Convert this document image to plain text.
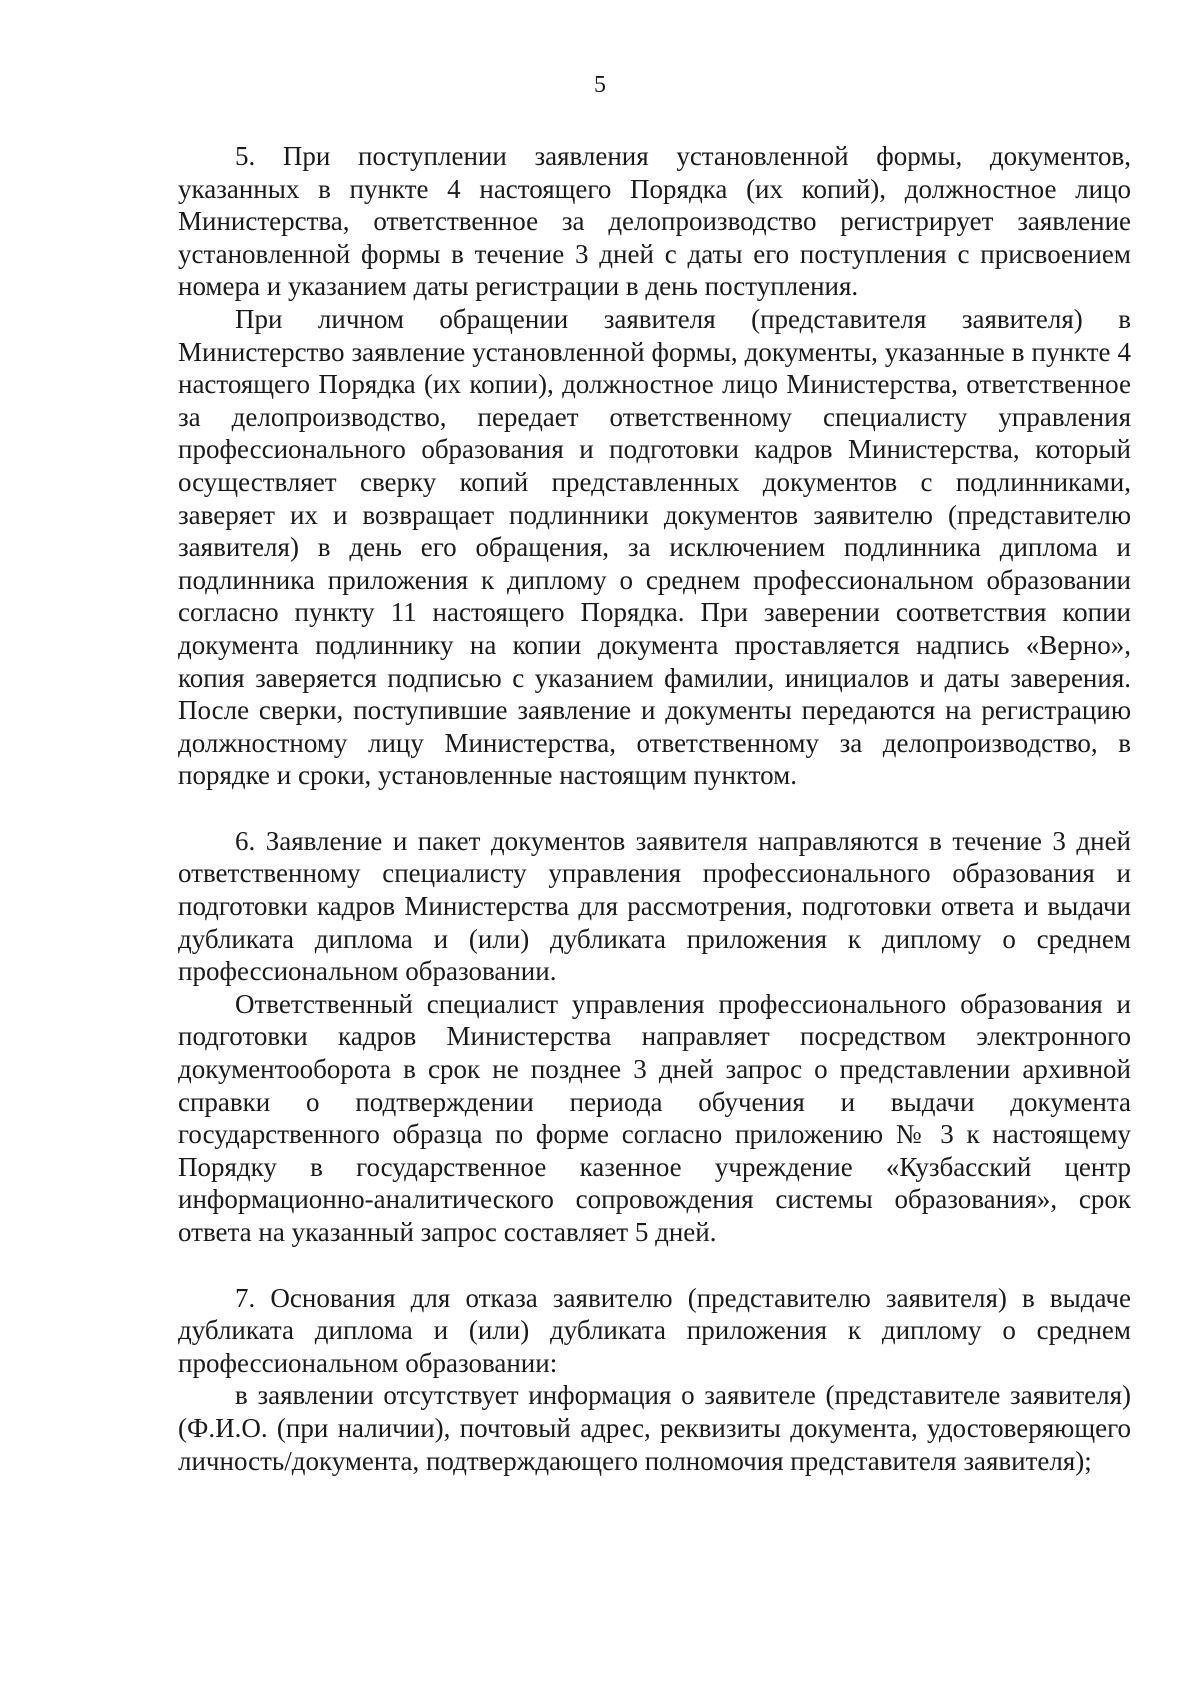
5

5. При поступлении заявления установленной формы, документов, указанных в пункте 4 настоящего Порядка (их копий), должностное лицо Министерства, ответственное за делопроизводство регистрирует заявление установленной формы в течение 3 дней с даты его поступления с присвоением номера и указанием даты регистрации в день поступления.

При личном обращении заявителя (представителя заявителя) в Министерство заявление установленной формы, документы, указанные в пункте 4 настоящего Порядка (их копии), должностное лицо Министерства, ответственное за делопроизводство, передает ответственному специалисту управления профессионального образования и подготовки кадров Министерства, который осуществляет сверку копий представленных документов с подлинниками, заверяет их и возвращает подлинники документов заявителю (представителю заявителя) в день его обращения, за исключением подлинника диплома и подлинника приложения к диплому о среднем профессиональном образовании согласно пункту 11 настоящего Порядка. При заверении соответствия копии документа подлиннику на копии документа проставляется надпись «Верно», копия заверяется подписью с указанием фамилии, инициалов и даты заверения. После сверки, поступившие заявление и документы передаются на регистрацию должностному лицу Министерства, ответственному за делопроизводство, в порядке и сроки, установленные настоящим пунктом.

6. Заявление и пакет документов заявителя направляются в течение 3 дней ответственному специалисту управления профессионального образования и подготовки кадров Министерства для рассмотрения, подготовки ответа и выдачи дубликата диплома и (или) дубликата приложения к диплому о среднем профессиональном образовании.

Ответственный специалист управления профессионального образования и подготовки кадров Министерства направляет посредством электронного документооборота в срок не позднее 3 дней запрос о представлении архивной справки о подтверждении периода обучения и выдачи документа государственного образца по форме согласно приложению № 3 к настоящему Порядку в государственное казенное учреждение «Кузбасский центр информационно-аналитического сопровождения системы образования», срок ответа на указанный запрос составляет 5 дней.

7. Основания для отказа заявителю (представителю заявителя) в выдаче дубликата диплома и (или) дубликата приложения к диплому о среднем профессиональном образовании:

в заявлении отсутствует информация о заявителе (представителе заявителя) (Ф.И.О. (при наличии), почтовый адрес, реквизиты документа, удостоверяющего личность/документа, подтверждающего полномочия представителя заявителя);
